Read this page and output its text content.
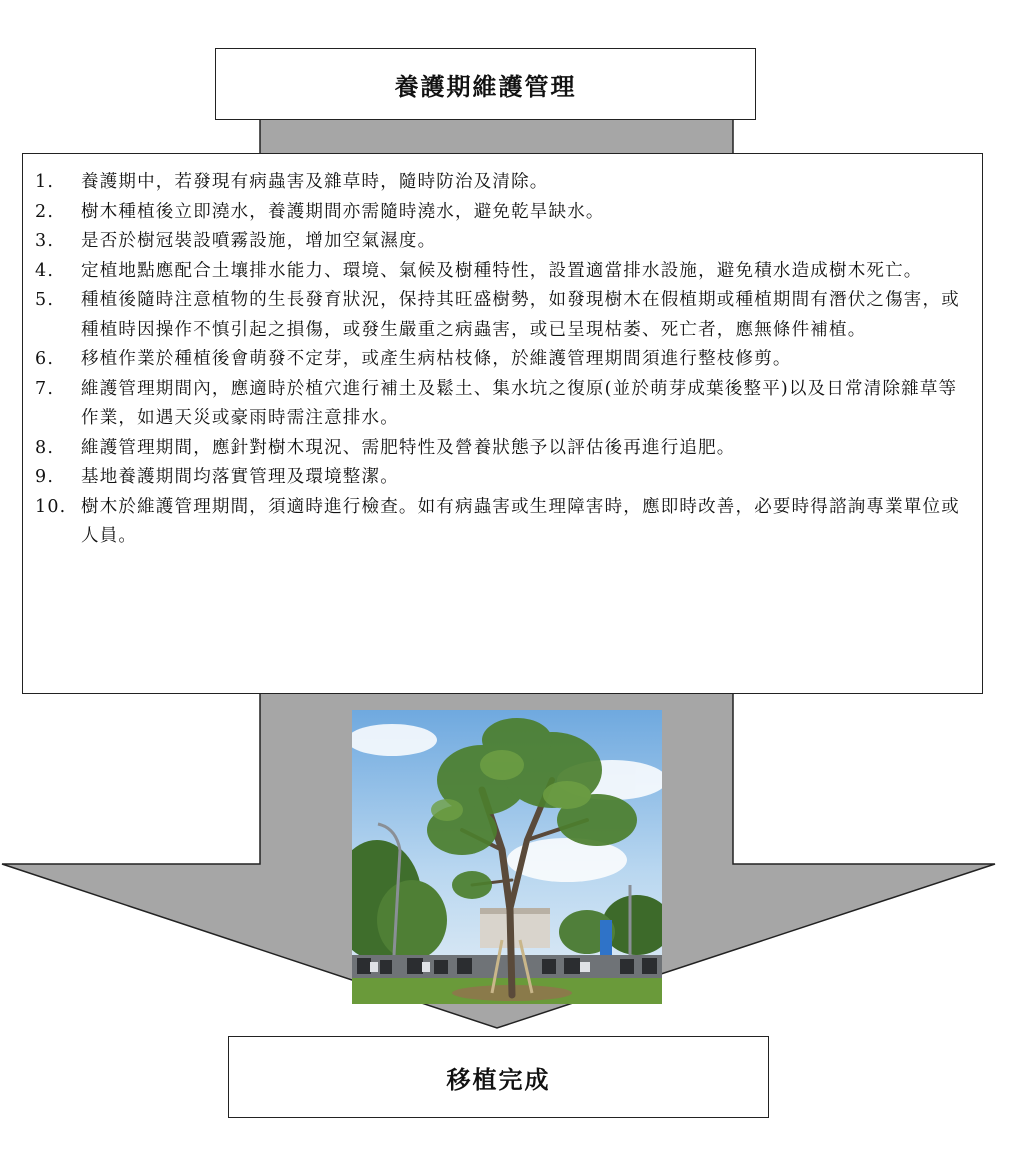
養護期維護管理
1.	養護期中，若發現有病蟲害及雜草時，隨時防治及清除。
2.	樹木種植後立即澆水，養護期間亦需隨時澆水，避免乾旱缺水。
3.	是否於樹冠裝設噴霧設施，增加空氣濕度。
4.	定植地點應配合土壤排水能力、環境、氣候及樹種特性，設置適當排水設施，避免積水造成樹木死亡。
5.	種植後隨時注意植物的生長發育狀況，保持其旺盛樹勢，如發現樹木在假植期或種植期間有潛伏之傷害，或種植時因操作不慎引起之損傷，或發生嚴重之病蟲害，或已呈現枯萎、死亡者，應無條件補植。
6.	移植作業於種植後會萌發不定芽，或產生病枯枝條，於維護管理期間須進行整枝修剪。
7.	維護管理期間內，應適時於植穴進行補土及鬆土、集水坑之復原(並於萌芽成葉後整平)以及日常清除雜草等作業，如遇天災或豪雨時需注意排水。
8.	維護管理期間，應針對樹木現況、需肥特性及營養狀態予以評估後再進行追肥。
9.	基地養護期間均落實管理及環境整潔。
10. 樹木於維護管理期間，須適時進行檢查。如有病蟲害或生理障害時，應即時改善，必要時得諮詢專業單位或人員。
移植完成
